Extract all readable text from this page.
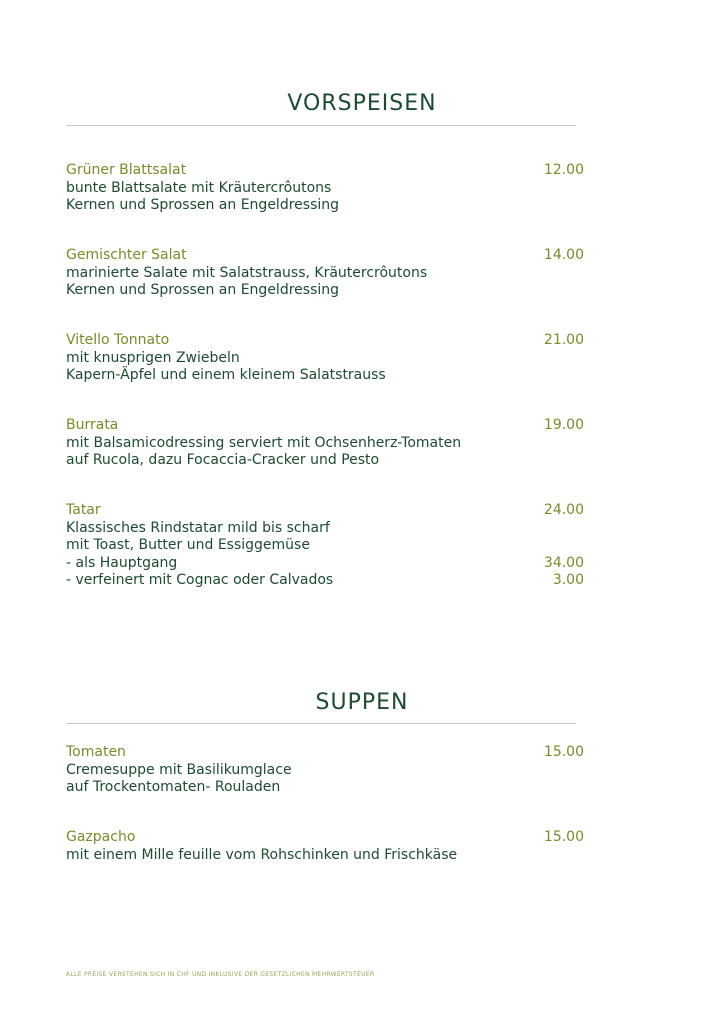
VORSPEISEN
Grüner Blattsalat	12.00
bunte Blattsalate mit Kräutercrôutons
Kernen und Sprossen an Engeldressing
Gemischter Salat	14.00
marinierte Salate mit Salatstrauss, Kräutercrôutons
Kernen und Sprossen an Engeldressing
Vitello Tonnato	21.00
mit knusprigen Zwiebeln
Kapern-Äpfel und einem kleinem Salatstrauss
Burrata	19.00
mit Balsamicodressing serviert mit Ochsenherz-Tomaten
auf Rucola, dazu Focaccia-Cracker und Pesto
Tatar	24.00
Klassisches Rindstatar mild bis scharf
mit Toast, Butter und Essiggemüse
- als Hauptgang	34.00
- verfeinert mit Cognac oder Calvados	3.00
SUPPEN
Tomaten	15.00
Cremesuppe mit Basilikumglace
auf Trockentomaten- Rouladen
Gazpacho	15.00
mit einem Mille feuille vom Rohschinken und Frischkäse
ALLE PREISE VERSTEHEN SICH IN CHF UND INKLUSIVE DER GESETZLICHEN MEHRWERTSTEUER
